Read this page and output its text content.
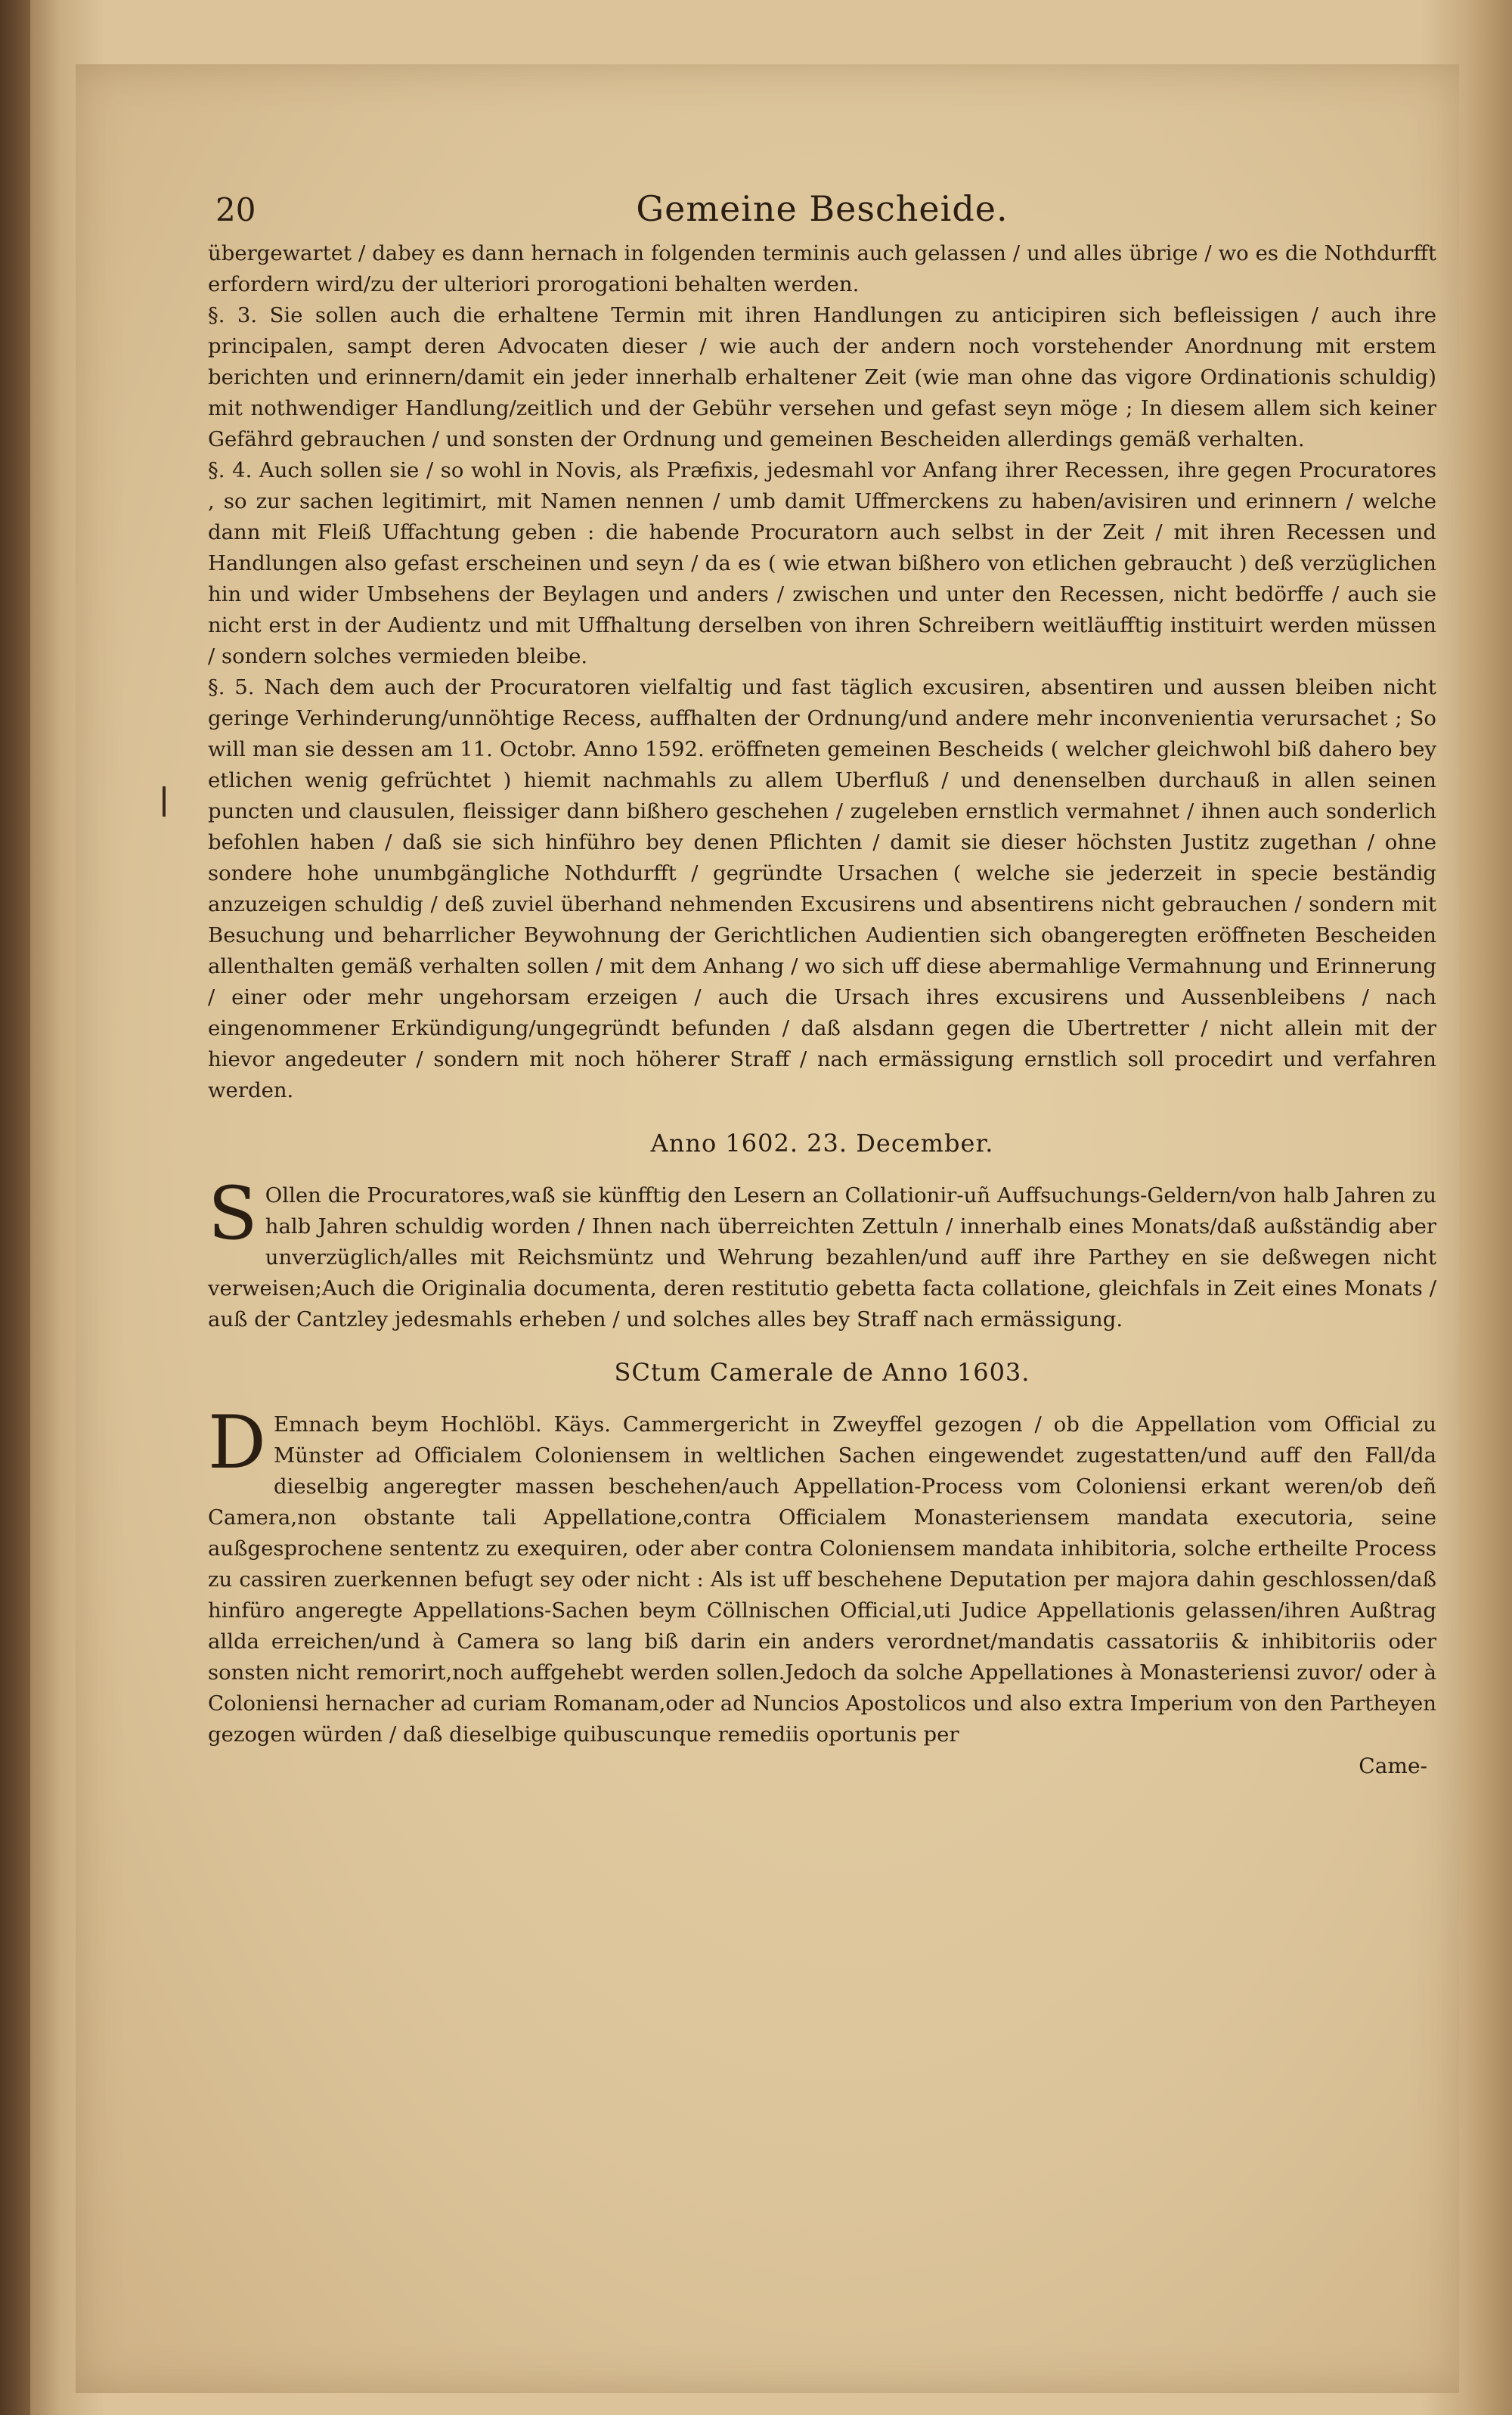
20	Gemeine Bescheide.

übergewartet / dabey es dann hernach in folgenden terminis auch gelassen / und alles übrige / wo es die Nothdurfft erfordern wird/zu der ulteriori prorogationi behalten werden.

§. 3. Sie sollen auch die erhaltene Termin mit ihren Handlungen zu anticipiren sich befleissigen / auch ihre principalen, sampt deren Advocaten dieser / wie auch der andern noch vorstehender Anordnung mit erstem berichten und erinnern/damit ein jeder innerhalb erhaltener Zeit (wie man ohne das vigore Ordinationis schuldig) mit nothwendiger Handlung/zeitlich und der Gebühr versehen und gefast seyn möge ; In diesem allem sich keiner Gefährd gebrauchen / und sonsten der Ordnung und gemeinen Bescheiden allerdings gemäß verhalten.

§. 4. Auch sollen sie / so wohl in Novis, als Præfixis, jedesmahl vor Anfang ihrer Recessen, ihre gegen Procuratores , so zur sachen legitimirt, mit Namen nennen / umb damit Uffmerckens zu haben/avisiren und erinnern / welche dann mit Fleiß Uffachtung geben : die habende Procuratorn auch selbst in der Zeit / mit ihren Recessen und Handlungen also gefast erscheinen und seyn / da es ( wie etwan bißhero von etlichen gebraucht ) deß verzüglichen hin und wider Umbsehens der Beylagen und anders / zwischen und unter den Recessen, nicht bedörffe / auch sie nicht erst in der Audientz und mit Uffhaltung derselben von ihren Schreibern weitläufftig instituirt werden müssen / sondern solches vermieden bleibe.

§. 5. Nach dem auch der Procuratoren vielfaltig und fast täglich excusiren, absentiren und aussen bleiben nicht geringe Verhinderung/unnöhtige Recess, auffhalten der Ordnung/und andere mehr inconvenientia verursachet ; So will man sie dessen am 11. Octobr. Anno 1592. eröffneten gemeinen Bescheids ( welcher gleichwohl biß dahero bey etlichen wenig gefrüchtet ) hiemit nachmahls zu allem Uberfluß / und denenselben durchauß in allen seinen puncten und clausulen, fleissiger dann bißhero geschehen / zugeleben ernstlich vermahnet / ihnen auch sonderlich befohlen haben / daß sie sich hinführo bey denen Pflichten / damit sie dieser höchsten Justitz zugethan / ohne sondere hohe unumbgängliche Nothdurfft / gegründte Ursachen ( welche sie jederzeit in specie beständig anzuzeigen schuldig / deß zuviel überhand nehmenden Excusirens und absentirens nicht gebrauchen / sondern mit Besuchung und beharrlicher Beywohnung der Gerichtlichen Audientien sich obangeregten eröffneten Bescheiden allenthalten gemäß verhalten sollen / mit dem Anhang / wo sich uff diese abermahlige Vermahnung und Erinnerung / einer oder mehr ungehorsam erzeigen / auch die Ursach ihres excusirens und Aussenbleibens / nach eingenommener Erkündigung/ungegründt befunden / daß alsdann gegen die Ubertretter / nicht allein mit der hievor angedeuter / sondern mit noch höherer Straff / nach ermässigung ernstlich soll procedirt und verfahren werden.

Anno 1602. 23. December.

S Ollen die Procuratores,waß sie künfftig den Lesern an Collationir-uñ Auffsuchungs-Geldern/von halb Jahren zu halb Jahren schuldig worden / Ihnen nach überreichten Zettuln / innerhalb eines Monats/daß außständig aber unverzüglich/alles mit Reichsmüntz und Wehrung bezahlen/und auff ihre Parthey en sie deßwegen nicht verweisen;Auch die Originalia documenta, deren restitutio gebetta facta collatione, gleichfals in Zeit eines Monats / auß der Cantzley jedesmahls erheben / und solches alles bey Straff nach ermässigung.

SCtum Camerale de Anno 1603.

D Emnach beym Hochlöbl. Käys. Cammergericht in Zweyffel gezogen / ob die Appellation vom Official zu Münster ad Officialem Coloniensem in weltlichen Sachen eingewendet zugestatten/und auff den Fall/da dieselbig angeregter massen beschehen/auch Appellation-Process vom Coloniensi erkant weren/ob deñ Camera,non obstante tali Appellatione,contra Officialem Monasteriensem mandata executoria, seine außgesprochene sententz zu exequiren, oder aber contra Coloniensem mandata inhibitoria, solche ertheilte Process zu cassiren zuerkennen befugt sey oder nicht : Als ist uff beschehene Deputation per majora dahin geschlossen/daß hinfüro angeregte Appellations-Sachen beym Cöllnischen Official,uti Judice Appellationis gelassen/ihren Außtrag allda erreichen/und à Camera so lang biß darin ein anders verordnet/mandatis cassatoriis & inhibitoriis oder sonsten nicht remorirt,noch auffgehebt werden sollen.Jedoch da solche Appellationes à Monasteriensi zuvor/ oder à Coloniensi hernacher ad curiam Romanam,oder ad Nuncios Apostolicos und also extra Imperium von den Partheyen gezogen würden / daß dieselbige quibuscunque remediis oportunis per

Came-
